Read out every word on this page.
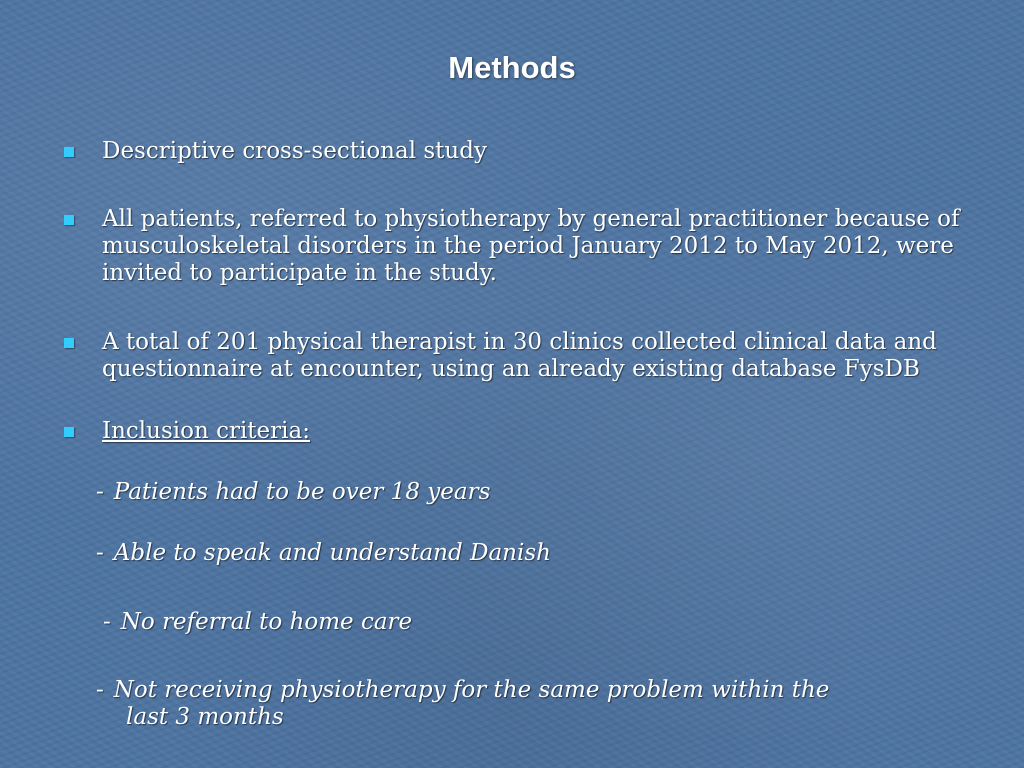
Methods
Descriptive cross-sectional study
All patients, referred to physiotherapy by general practitioner because of musculoskeletal disorders in the period January 2012 to May 2012, were invited to participate in the study.
A total of 201 physical therapist in 30 clinics collected clinical data and questionnaire at encounter, using an already existing database FysDB
Inclusion criteria:
- Patients had to be over 18 years
- Able to speak and understand Danish
- No referral to home care
- Not receiving physiotherapy for the same problem within the
last 3 months
